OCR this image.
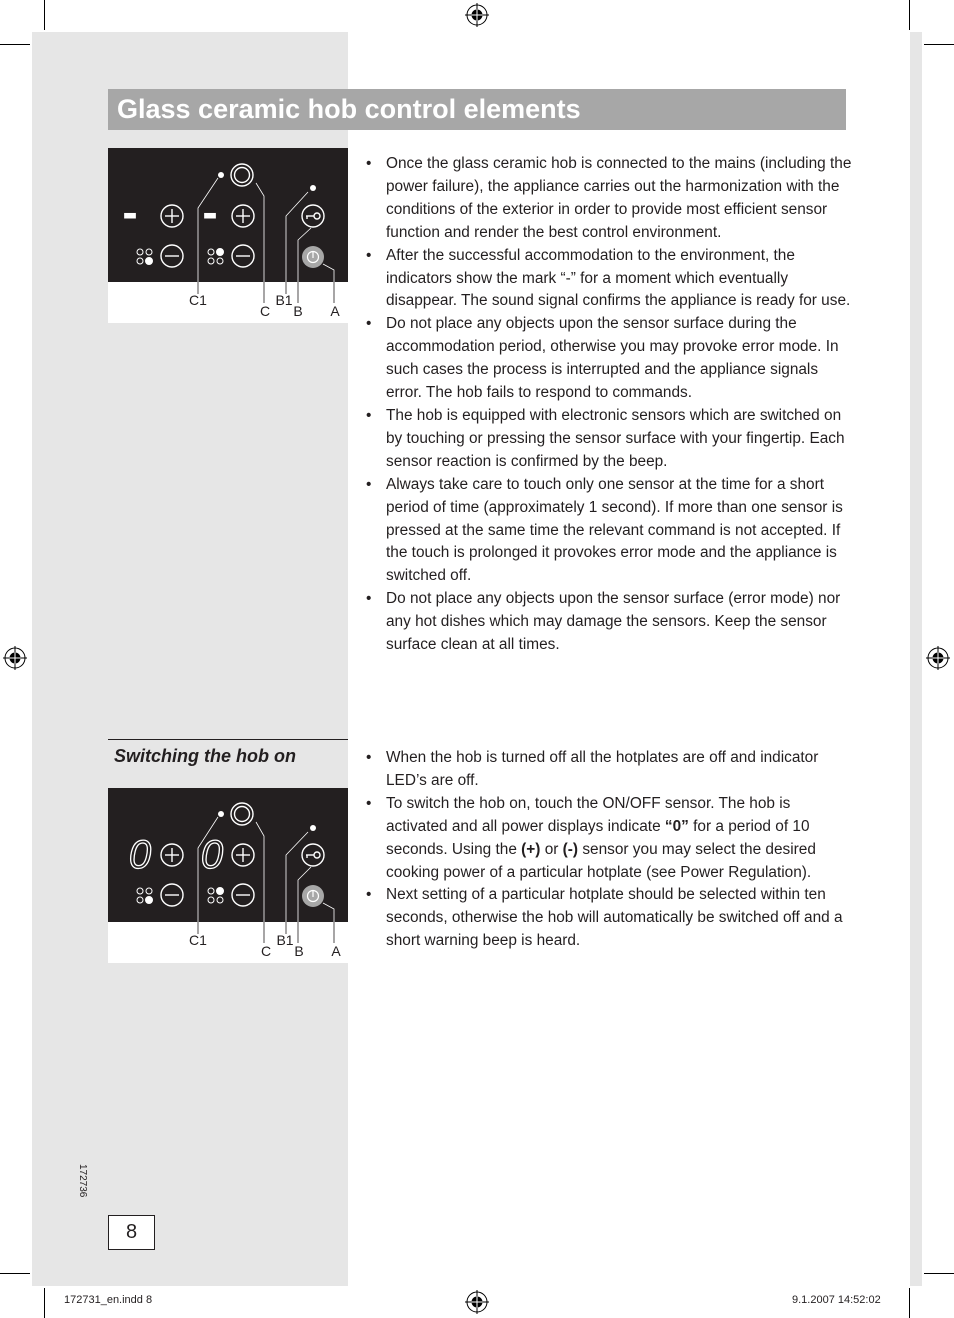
Glass ceramic hob control elements
- -
C1
C
B1
B A
• Once the glass ceramic hob is connected to the mains (including the power failure), the appliance carries out the harmonization with the conditions of the exterior in order to provide most efficient sensor function and render the best control environment.
• After the successful accommodation to the environment, the indicators show the mark “-” for a moment which eventually disappear. The sound signal confirms the appliance is ready for use.
• Do not place any objects upon the sensor surface during the accommodation period, otherwise you may provoke error mode. In such cases the process is interrupted and the appliance signals error. The hob fails to respond to commands.
• The hob is equipped with electronic sensors which are switched on by touching or pressing the sensor surface with your fingertip. Each sensor reaction is confirmed by the beep.
• Always take care to touch only one sensor at the time for a short period of time (approximately 1 second). If more than one sensor is pressed at the same time the relevant command is not accepted. If the touch is prolonged it provokes error mode and the appliance is switched off.
• Do not place any objects upon the sensor surface (error mode) nor any hot dishes which may damage the sensors. Keep the sensor surface clean at all times.
Switching the hob on
0 0
C1
C
B1
B A
• When the hob is turned off all the hotplates are off and indicator LED’s are off.
• To switch the hob on, touch the ON/OFF sensor. The hob is activated and all power displays indicate “0” for a period of 10 seconds. Using the (+) or (-) sensor you may select the desired cooking power of a particular hotplate (see Power Regulation).
• Next setting of a particular hotplate should be selected within ten seconds, otherwise the hob will automatically be switched off and a short warning beep is heard.
172736
8
172731_en.indd 8	9.1.2007 14:52:02
